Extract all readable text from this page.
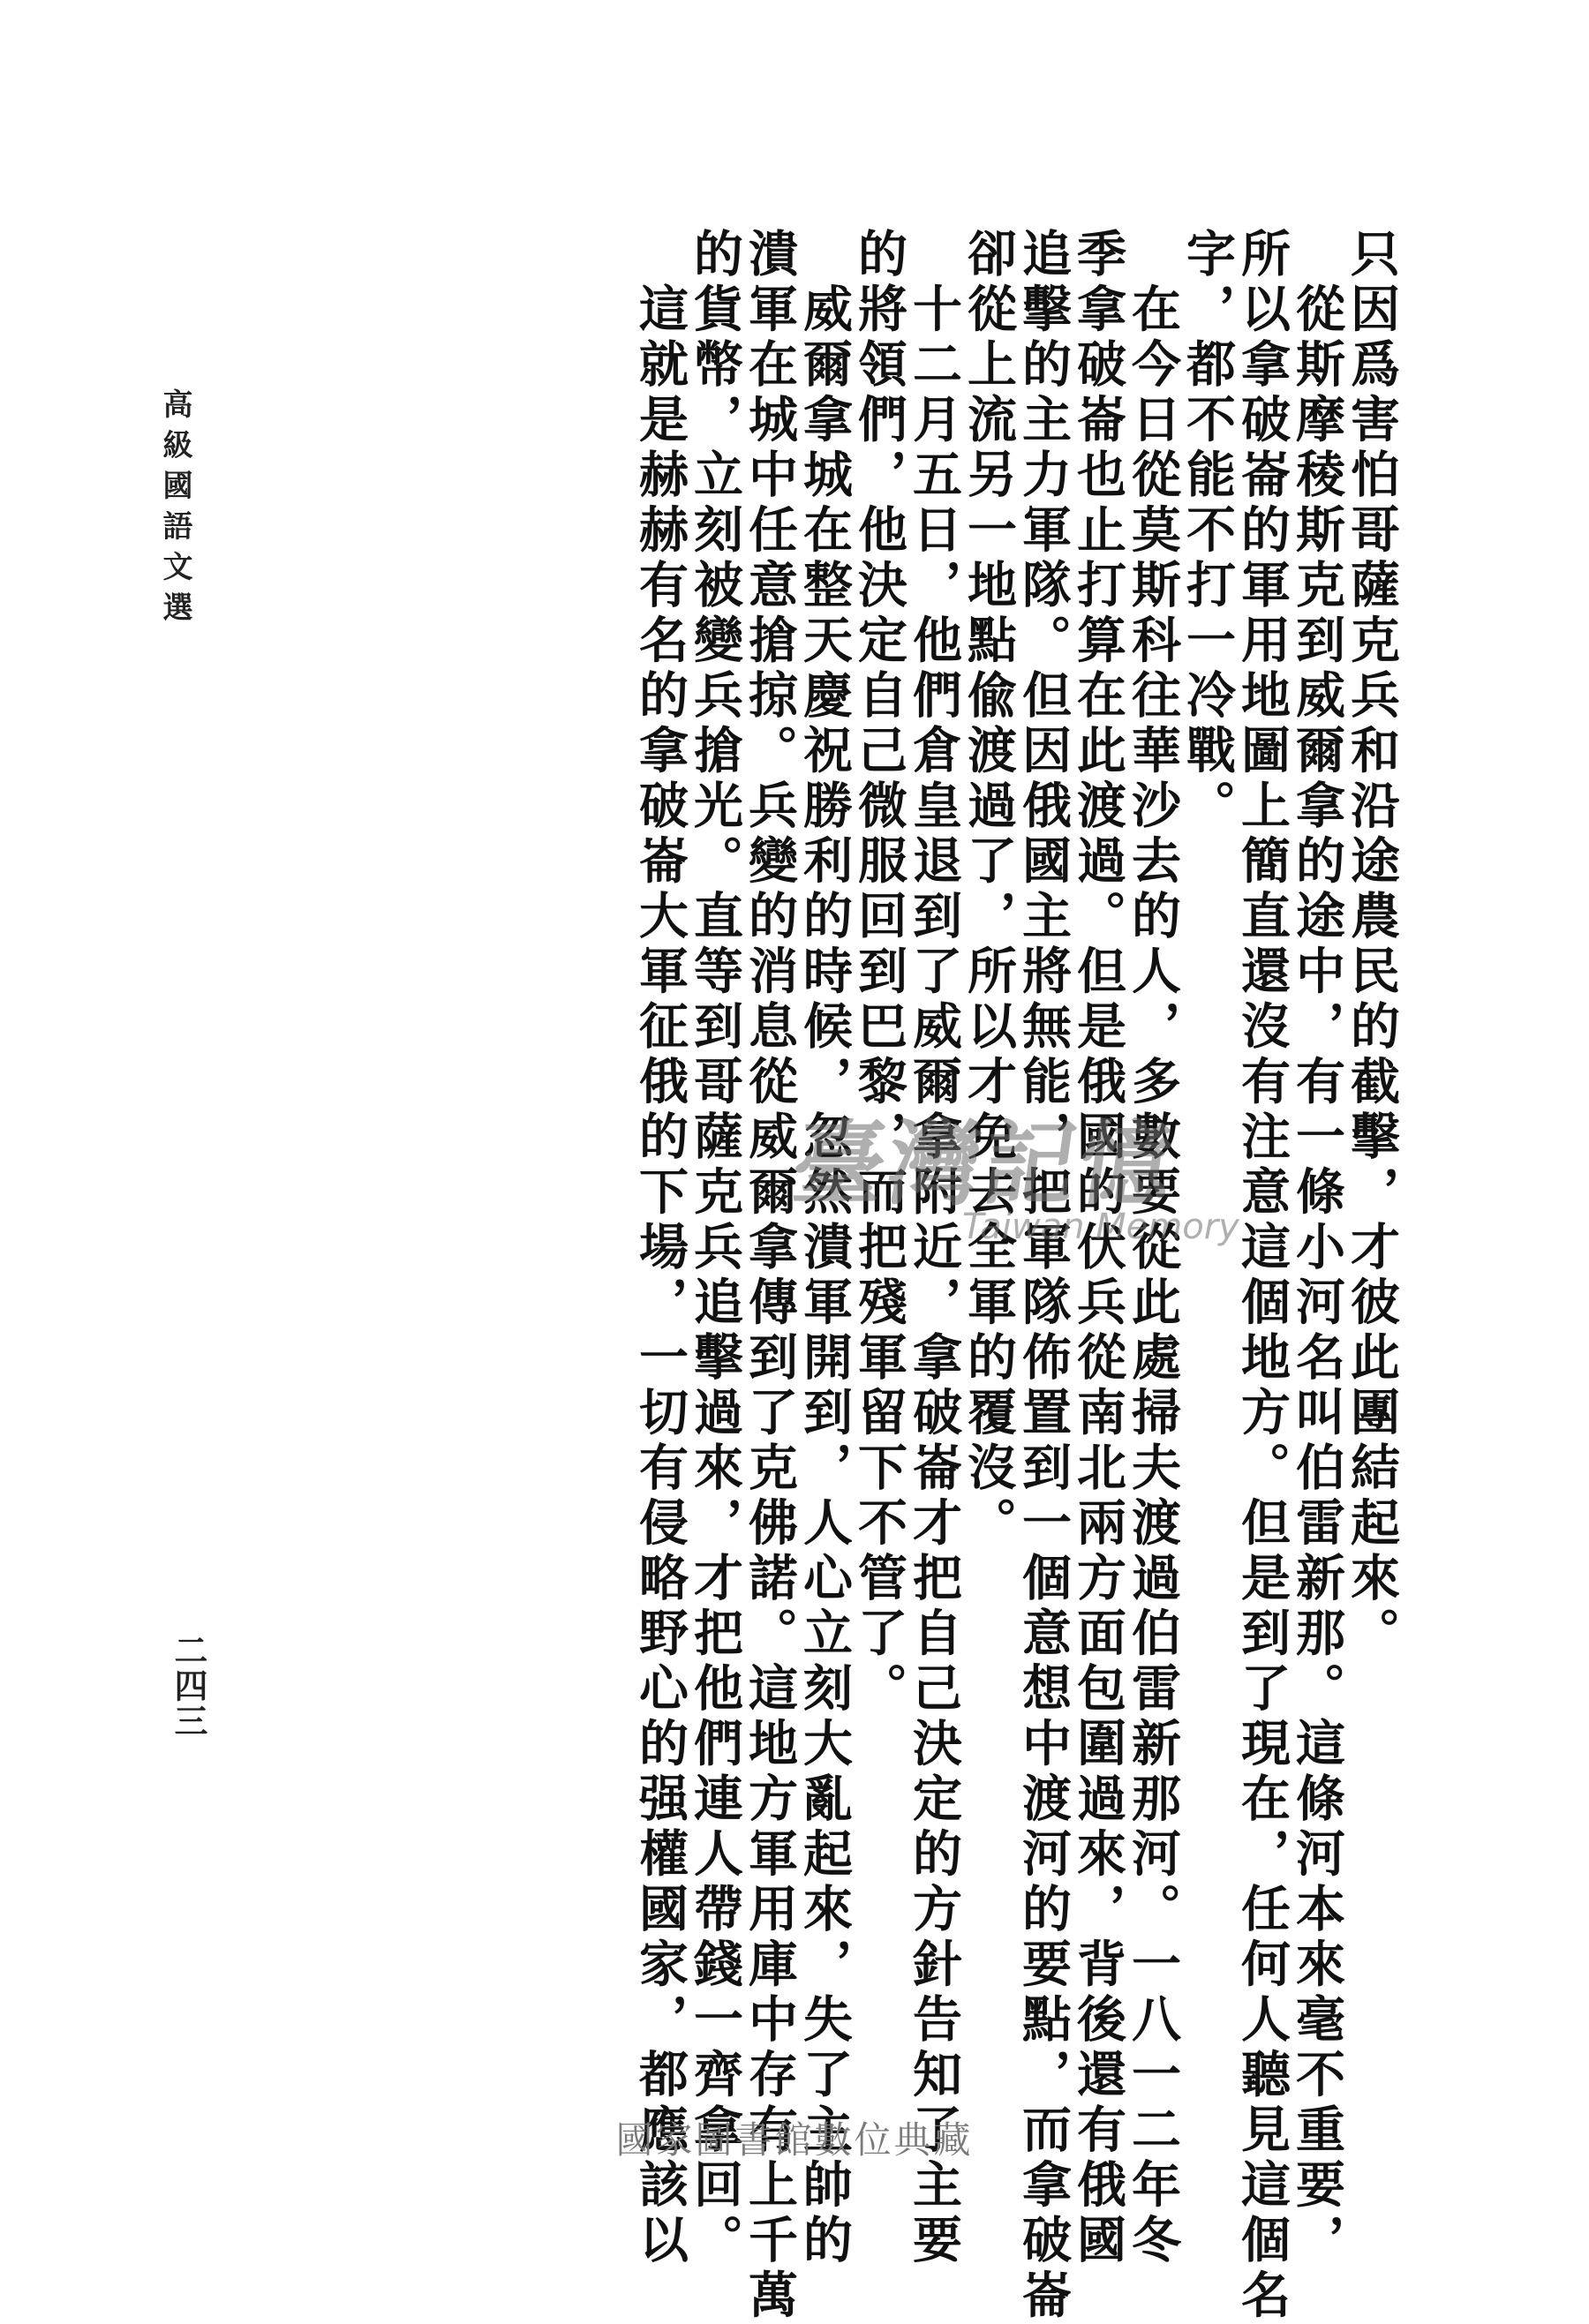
只因爲害怕哥薩克兵和沿途農民的截擊，才彼此團結起來。
　從斯摩稜斯克到威爾拿的途中，有一條小河名叫伯雷新那。這條河本來毫不重要，
所以拿破崙的軍用地圖上簡直還沒有注意這個地方。但是到了現在，任何人聽見這個名
字，都不能不打一冷戰。
　在今日從莫斯科往華沙去的人，多數要從此處掃夫渡過伯雷新那河。一八一二年冬
季拿破崙也止打算在此渡過。但是俄國的伏兵從南北兩方面包圍過來，背後還有俄國
追擊的主力軍隊。但因俄國主將無能，把軍隊佈置到一個意想中渡河的要點，而拿破崙
卻從上流另一地點偸渡過了，所以才免去全軍的覆沒。
　十二月五日，他們倉皇退到了威爾拿附近，拿破崙才把自己決定的方針告知了主要
的將領們，他決定自己微服回到巴黎，而把殘軍留下不管了。
　威爾拿城在整天慶祝勝利的時候，忽然潰軍開到，人心立刻大亂起來，失了主帥的
潰軍在城中任意搶掠。兵變的消息從威爾拿傳到了克佛諾。這地方軍用庫中存有上千萬
的貨幣，立刻被變兵搶光。直等到哥薩克兵追擊過來，才把他們連人帶錢一齊拿回。
　這就是赫赫有名的拿破崙大軍征俄的下場，一切有侵略野心的强權國家，都應該以
高級國語文選
二四三
臺灣記憶
Taiwan Memory
國家圖書館數位典藏
